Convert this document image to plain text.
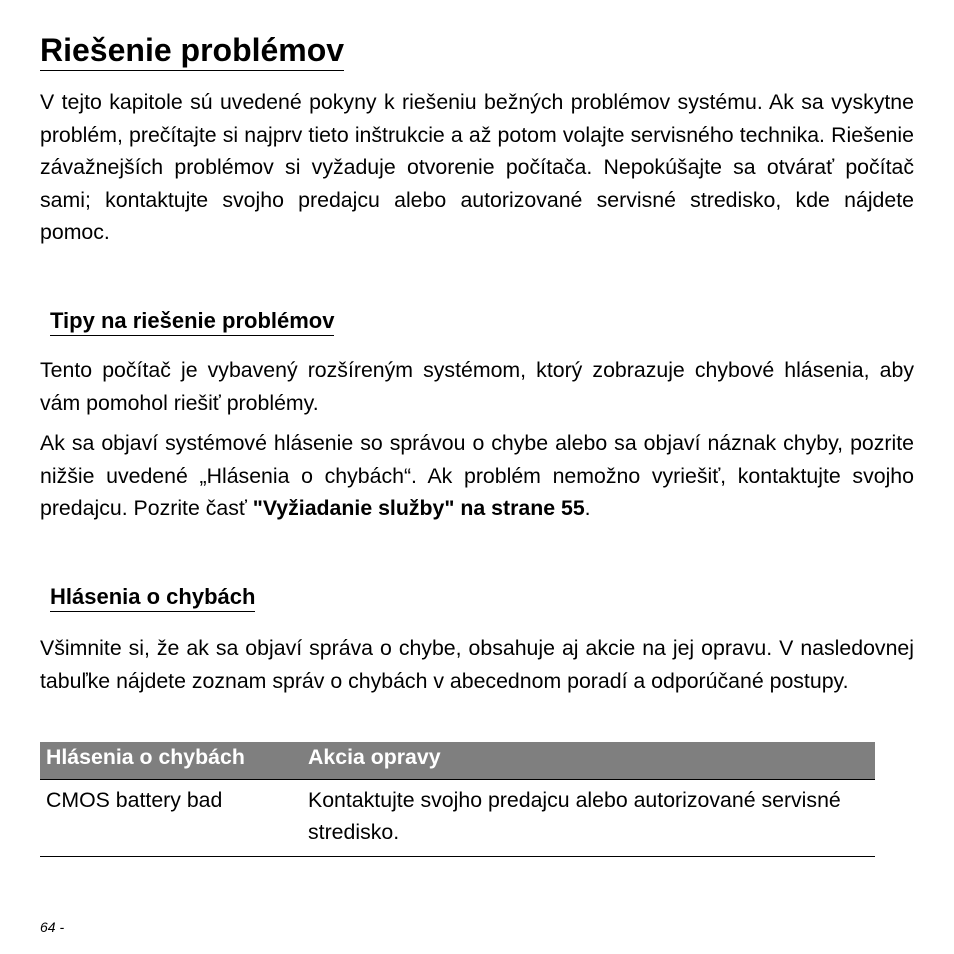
Riešenie problémov

V tejto kapitole sú uvedené pokyny k riešeniu bežných problémov systému. Ak sa vyskytne problém, prečítajte si najprv tieto inštrukcie a až potom volajte servisného technika. Riešenie závažnejších problémov si vyžaduje otvorenie počítača. Nepokúšajte sa otvárať počítač sami; kontaktujte svojho predajcu alebo autorizované servisné stredisko, kde nájdete pomoc.

Tipy na riešenie problémov

Tento počítač je vybavený rozšíreným systémom, ktorý zobrazuje chybové hlásenia, aby vám pomohol riešiť problémy.

Ak sa objaví systémové hlásenie so správou o chybe alebo sa objaví náznak chyby, pozrite nižšie uvedené „Hlásenia o chybách“. Ak problém nemožno vyriešiť, kontaktujte svojho predajcu. Pozrite časť "Vyžiadanie služby" na strane 55.

Hlásenia o chybách

Všimnite si, že ak sa objaví správa o chybe, obsahuje aj akcie na jej opravu. V nasledovnej tabuľke nájdete zoznam správ o chybách v abecednom poradí a odporúčané postupy.

Hlásenia o chybách	Akcia opravy
CMOS battery bad	Kontaktujte svojho predajcu alebo autorizované servisné stredisko.
64 -
